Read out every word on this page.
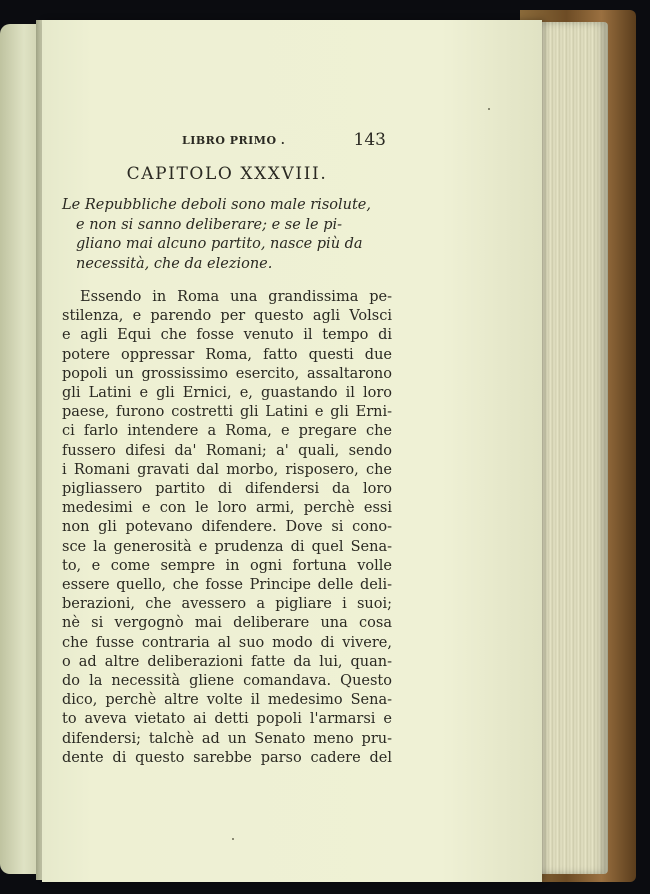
LIBRO PRIMO .	143
CAPITOLO XXXVIII.
Le Repubbliche deboli sono male risolute,
e non si sanno deliberare; e se le pi-
gliano mai alcuno partito, nasce più da
necessità, che da elezione.
Essendo in Roma una grandissima pe-
stilenza, e parendo per questo agli Volsci
e agli Equi che fosse venuto il tempo di
potere oppressar Roma, fatto questi due
popoli un grossissimo esercito, assaltarono
gli Latini e gli Ernici, e, guastando il loro
paese, furono costretti gli Latini e gli Erni-
ci farlo intendere a Roma, e pregare che
fussero difesi da' Romani; a' quali, sendo
i Romani gravati dal morbo, risposero, che
pigliassero partito di difendersi da loro
medesimi e con le loro armi, perchè essi
non gli potevano difendere. Dove si cono-
sce la generosità e prudenza di quel Sena-
to, e come sempre in ogni fortuna volle
essere quello, che fosse Principe delle deli-
berazioni, che avessero a pigliare i suoi;
nè si vergognò mai deliberare una cosa
che fusse contraria al suo modo di vivere,
o ad altre deliberazioni fatte da lui, quan-
do la necessità gliene comandava. Questo
dico, perchè altre volte il medesimo Sena-
to aveva vietato ai detti popoli l'armarsi e
difendersi; talchè ad un Senato meno pru-
dente di questo sarebbe parso cadere del
